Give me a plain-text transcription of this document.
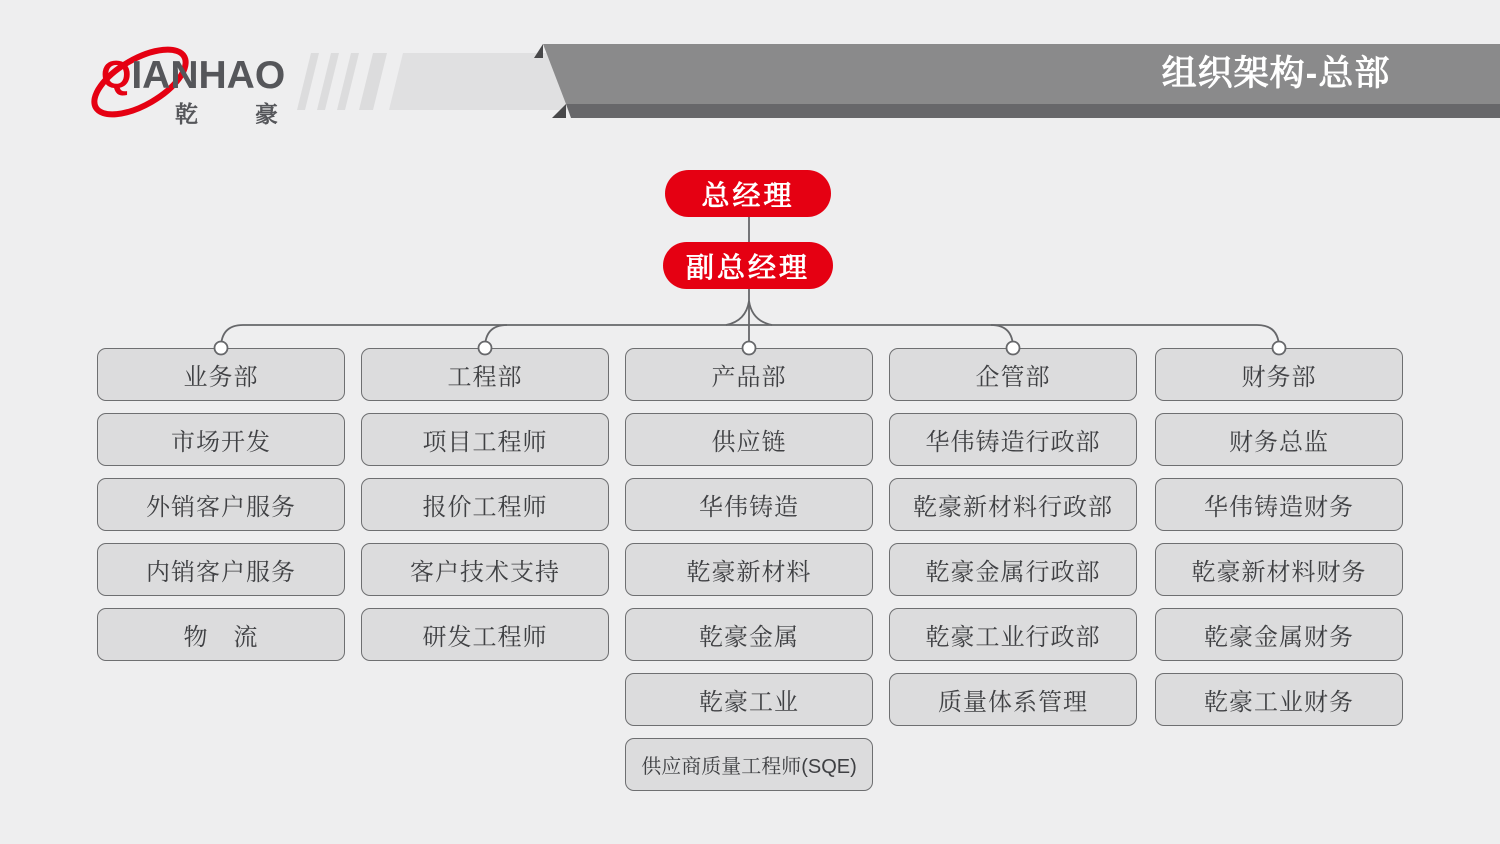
组织架构-总部
QIANHAO
乾　豪
总经理
副总经理
业务部
市场开发
外销客户服务
内销客户服务
物　流
工程部
项目工程师
报价工程师
客户技术支持
研发工程师
产品部
供应链
华伟铸造
乾豪新材料
乾豪金属
乾豪工业
供应商质量工程师(SQE)
企管部
华伟铸造行政部
乾豪新材料行政部
乾豪金属行政部
乾豪工业行政部
质量体系管理
财务部
财务总监
华伟铸造财务
乾豪新材料财务
乾豪金属财务
乾豪工业财务
